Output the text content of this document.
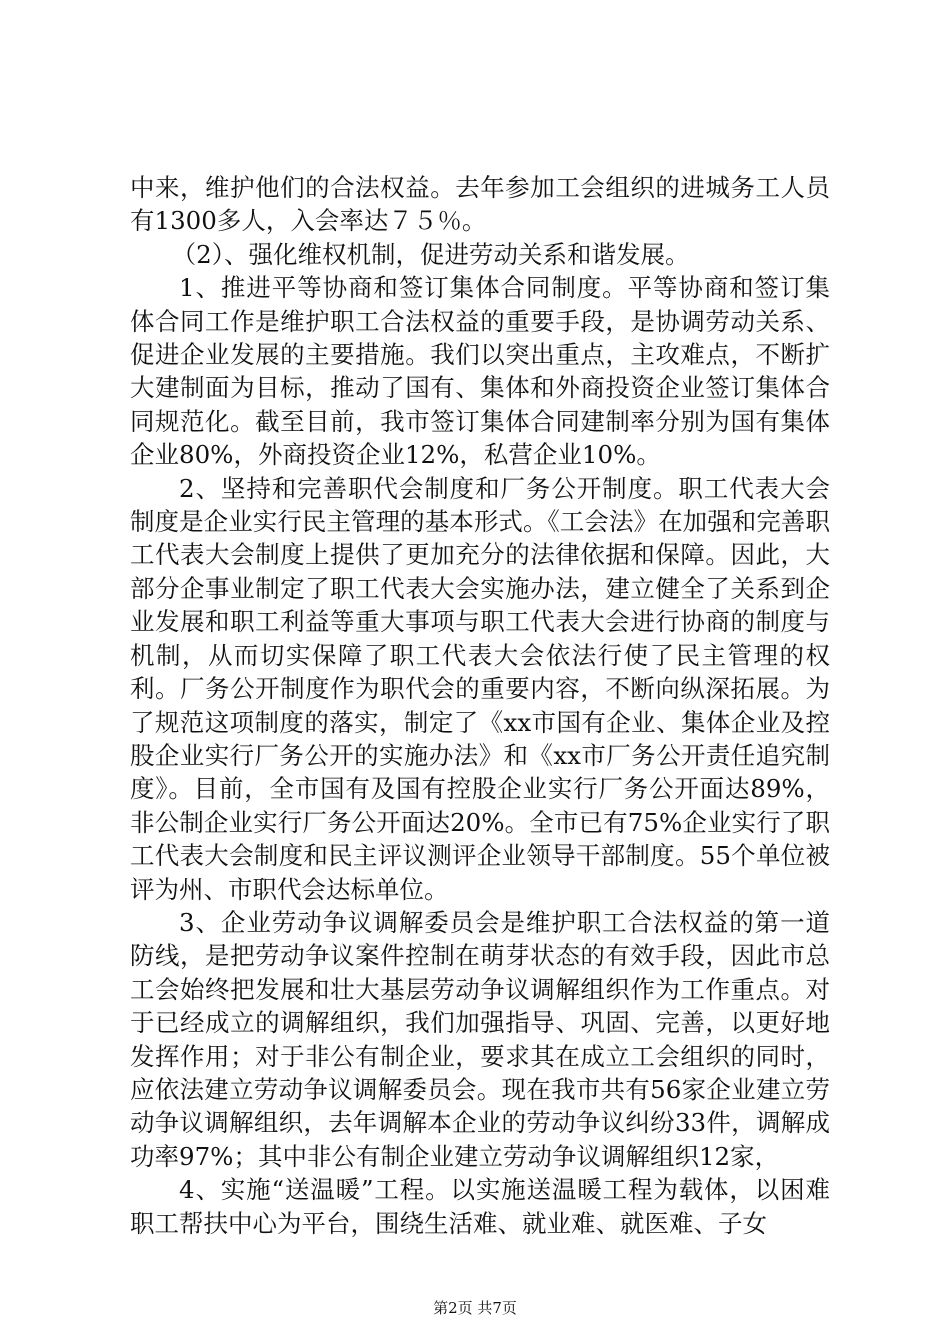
中来，维护他们的合法权益。去年参加工会组织的进城务工人员有1300多人，入会率达７５％。

（2）、强化维权机制，促进劳动关系和谐发展。

1、推进平等协商和签订集体合同制度。平等协商和签订集体合同工作是维护职工合法权益的重要手段，是协调劳动关系、促进企业发展的主要措施。我们以突出重点，主攻难点，不断扩大建制面为目标，推动了国有、集体和外商投资企业签订集体合同规范化。截至目前，我市签订集体合同建制率分别为国有集体企业80%，外商投资企业12%，私营企业10%。

2、坚持和完善职代会制度和厂务公开制度。职工代表大会制度是企业实行民主管理的基本形式。《工会法》在加强和完善职工代表大会制度上提供了更加充分的法律依据和保障。因此，大部分企事业制定了职工代表大会实施办法，建立健全了关系到企业发展和职工利益等重大事项与职工代表大会进行协商的制度与机制，从而切实保障了职工代表大会依法行使了民主管理的权利。厂务公开制度作为职代会的重要内容，不断向纵深拓展。为了规范这项制度的落实，制定了《xx市国有企业、集体企业及控股企业实行厂务公开的实施办法》和《xx市厂务公开责任追究制度》。目前，全市国有及国有控股企业实行厂务公开面达89%，非公制企业实行厂务公开面达20%。全市已有75%企业实行了职工代表大会制度和民主评议测评企业领导干部制度。55个单位被评为州、市职代会达标单位。

3、企业劳动争议调解委员会是维护职工合法权益的第一道防线，是把劳动争议案件控制在萌芽状态的有效手段，因此市总工会始终把发展和壮大基层劳动争议调解组织作为工作重点。对于已经成立的调解组织，我们加强指导、巩固、完善，以更好地发挥作用；对于非公有制企业，要求其在成立工会组织的同时，应依法建立劳动争议调解委员会。现在我市共有56家企业建立劳动争议调解组织，去年调解本企业的劳动争议纠纷33件，调解成功率97%；其中非公有制企业建立劳动争议调解组织12家，

4、实施“送温暖”工程。以实施送温暖工程为载体，以困难职工帮扶中心为平台，围绕生活难、就业难、就医难、子女

第2页 共7页
